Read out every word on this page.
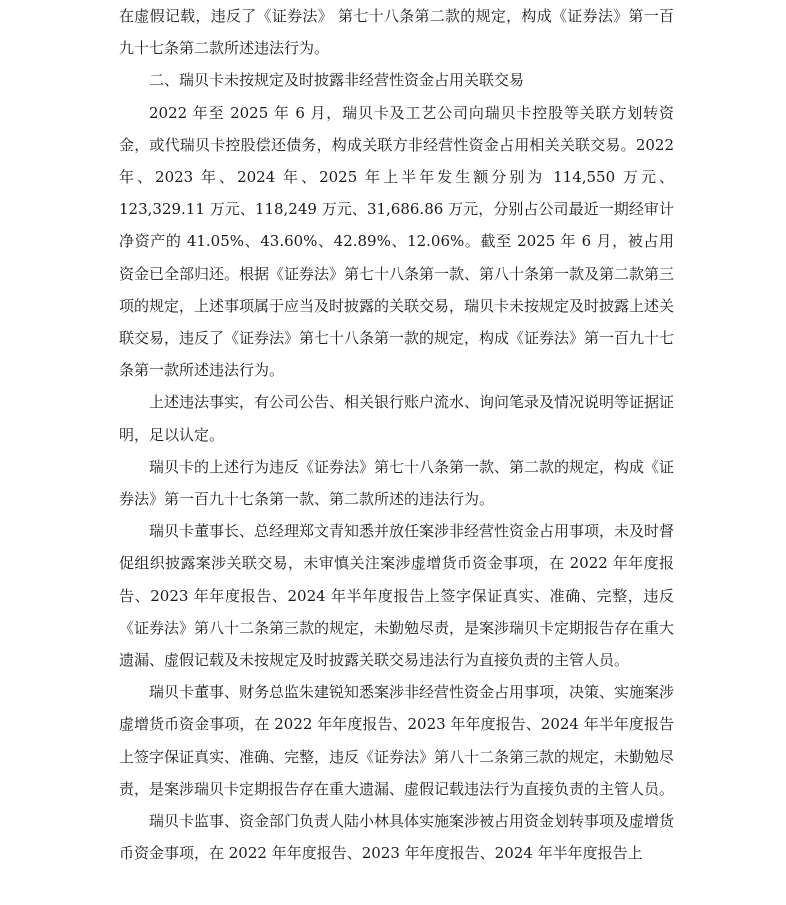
在虚假记载，违反了《证券法》 第七十八条第二款的规定，构成《证券法》第一百九十七条第二款所述违法行为。

二、瑞贝卡未按规定及时披露非经营性资金占用关联交易

2022 年至 2025 年 6 月，瑞贝卡及工艺公司向瑞贝卡控股等关联方划转资金，或代瑞贝卡控股偿还债务，构成关联方非经营性资金占用相关关联交易。2022 年、2023 年、2024 年、2025 年上半年发生额分别为 114,550 万元、123,329.11 万元、118,249 万元、31,686.86 万元，分别占公司最近一期经审计净资产的 41.05%、43.60%、42.89%、12.06%。截至 2025 年 6 月，被占用资金已全部归还。根据《证券法》第七十八条第一款、第八十条第一款及第二款第三项的规定，上述事项属于应当及时披露的关联交易，瑞贝卡未按规定及时披露上述关联交易，违反了《证券法》第七十八条第一款的规定，构成《证券法》第一百九十七条第一款所述违法行为。

上述违法事实，有公司公告、相关银行账户流水、询问笔录及情况说明等证据证明，足以认定。

瑞贝卡的上述行为违反《证券法》第七十八条第一款、第二款的规定，构成《证券法》第一百九十七条第一款、第二款所述的违法行为。

瑞贝卡董事长、总经理郑文青知悉并放任案涉非经营性资金占用事项，未及时督促组织披露案涉关联交易，未审慎关注案涉虚增货币资金事项，在 2022 年年度报告、2023 年年度报告、2024 年半年度报告上签字保证真实、准确、完整，违反《证券法》第八十二条第三款的规定，未勤勉尽责，是案涉瑞贝卡定期报告存在重大遗漏、虚假记载及未按规定及时披露关联交易违法行为直接负责的主管人员。

瑞贝卡董事、财务总监朱建锐知悉案涉非经营性资金占用事项，决策、实施案涉虚增货币资金事项，在 2022 年年度报告、2023 年年度报告、2024 年半年度报告上签字保证真实、准确、完整，违反《证券法》第八十二条第三款的规定，未勤勉尽责，是案涉瑞贝卡定期报告存在重大遗漏、虚假记载违法行为直接负责的主管人员。

瑞贝卡监事、资金部门负责人陆小林具体实施案涉被占用资金划转事项及虚增货币资金事项，在 2022 年年度报告、2023 年年度报告、2024 年半年度报告上
